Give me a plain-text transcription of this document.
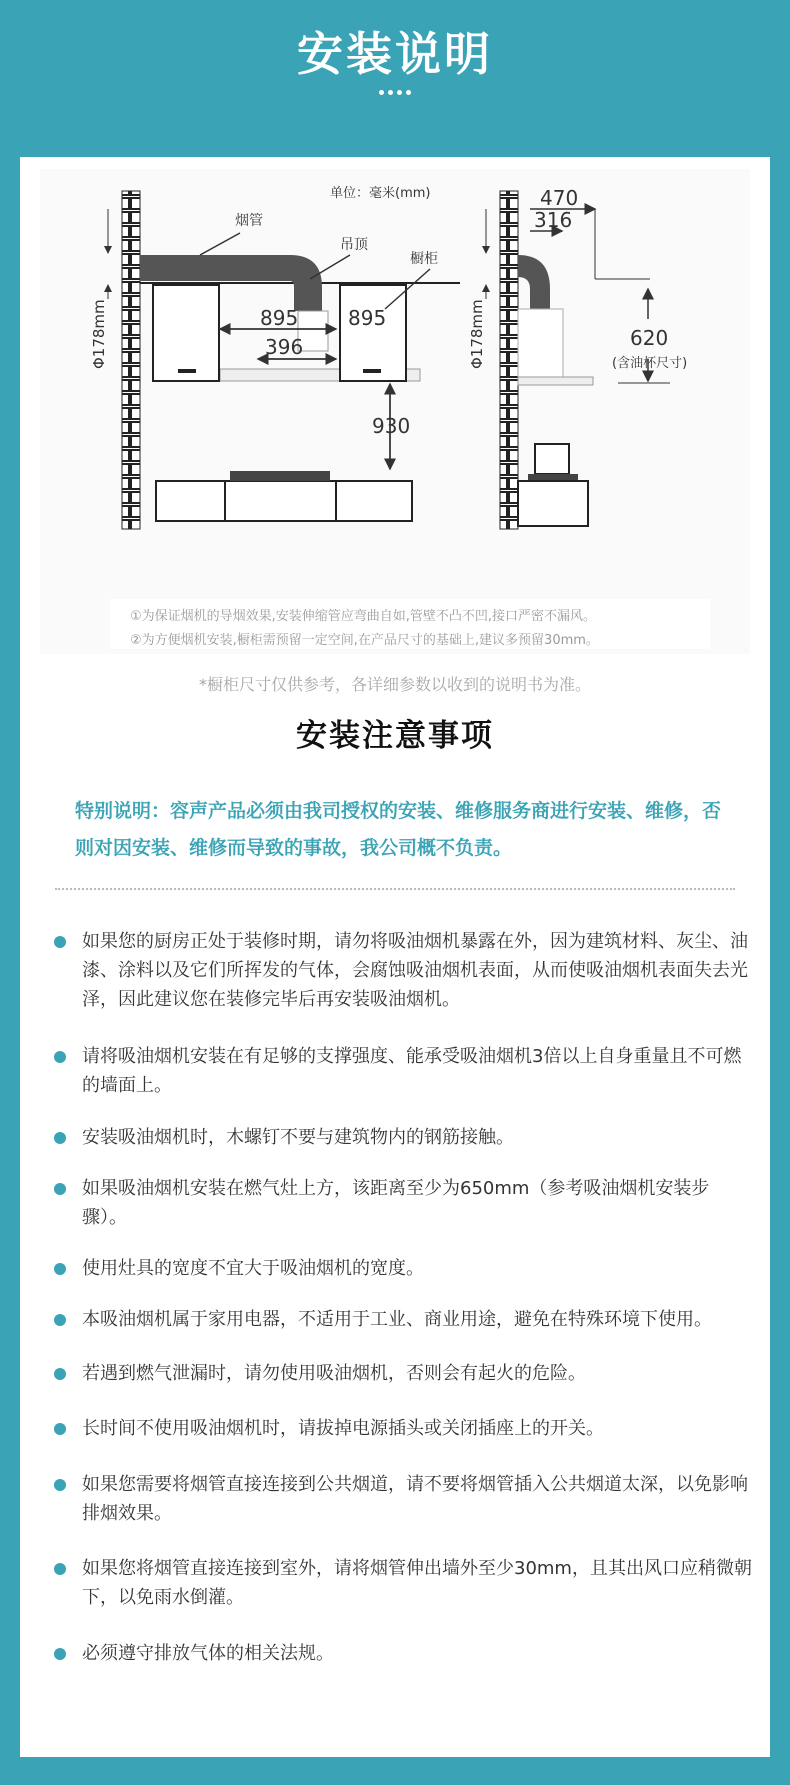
安装说明
单位：毫米(mm)
烟管
吊顶
橱柜
895 895
396
930
Φ178mm	Φ178mm
470
316
620
(含油杯尺寸)
①为保证烟机的导烟效果,安装伸缩管应弯曲自如,管壁不凸不凹,接口严密不漏风。
②为方便烟机安装,橱柜需预留一定空间,在产品尺寸的基础上,建议多预留30mm。
*橱柜尺寸仅供参考，各详细参数以收到的说明书为准。
安装注意事项
特别说明：容声产品必须由我司授权的安装、维修服务商进行安装、维修，否则对因安装、维修而导致的事故，我公司概不负责。
如果您的厨房正处于装修时期，请勿将吸油烟机暴露在外，因为建筑材料、灰尘、油漆、涂料以及它们所挥发的气体，会腐蚀吸油烟机表面，从而使吸油烟机表面失去光泽，因此建议您在装修完毕后再安装吸油烟机。
请将吸油烟机安装在有足够的支撑强度、能承受吸油烟机3倍以上自身重量且不可燃的墙面上。
安装吸油烟机时，木螺钉不要与建筑物内的钢筋接触。
如果吸油烟机安装在燃气灶上方，该距离至少为650mm（参考吸油烟机安装步骤）。
使用灶具的宽度不宜大于吸油烟机的宽度。
本吸油烟机属于家用电器，不适用于工业、商业用途，避免在特殊环境下使用。
若遇到燃气泄漏时，请勿使用吸油烟机，否则会有起火的危险。
长时间不使用吸油烟机时，请拔掉电源插头或关闭插座上的开关。
如果您需要将烟管直接连接到公共烟道，请不要将烟管插入公共烟道太深，以免影响排烟效果。
如果您将烟管直接连接到室外，请将烟管伸出墙外至少30mm，且其出风口应稍微朝下，以免雨水倒灌。
必须遵守排放气体的相关法规。
